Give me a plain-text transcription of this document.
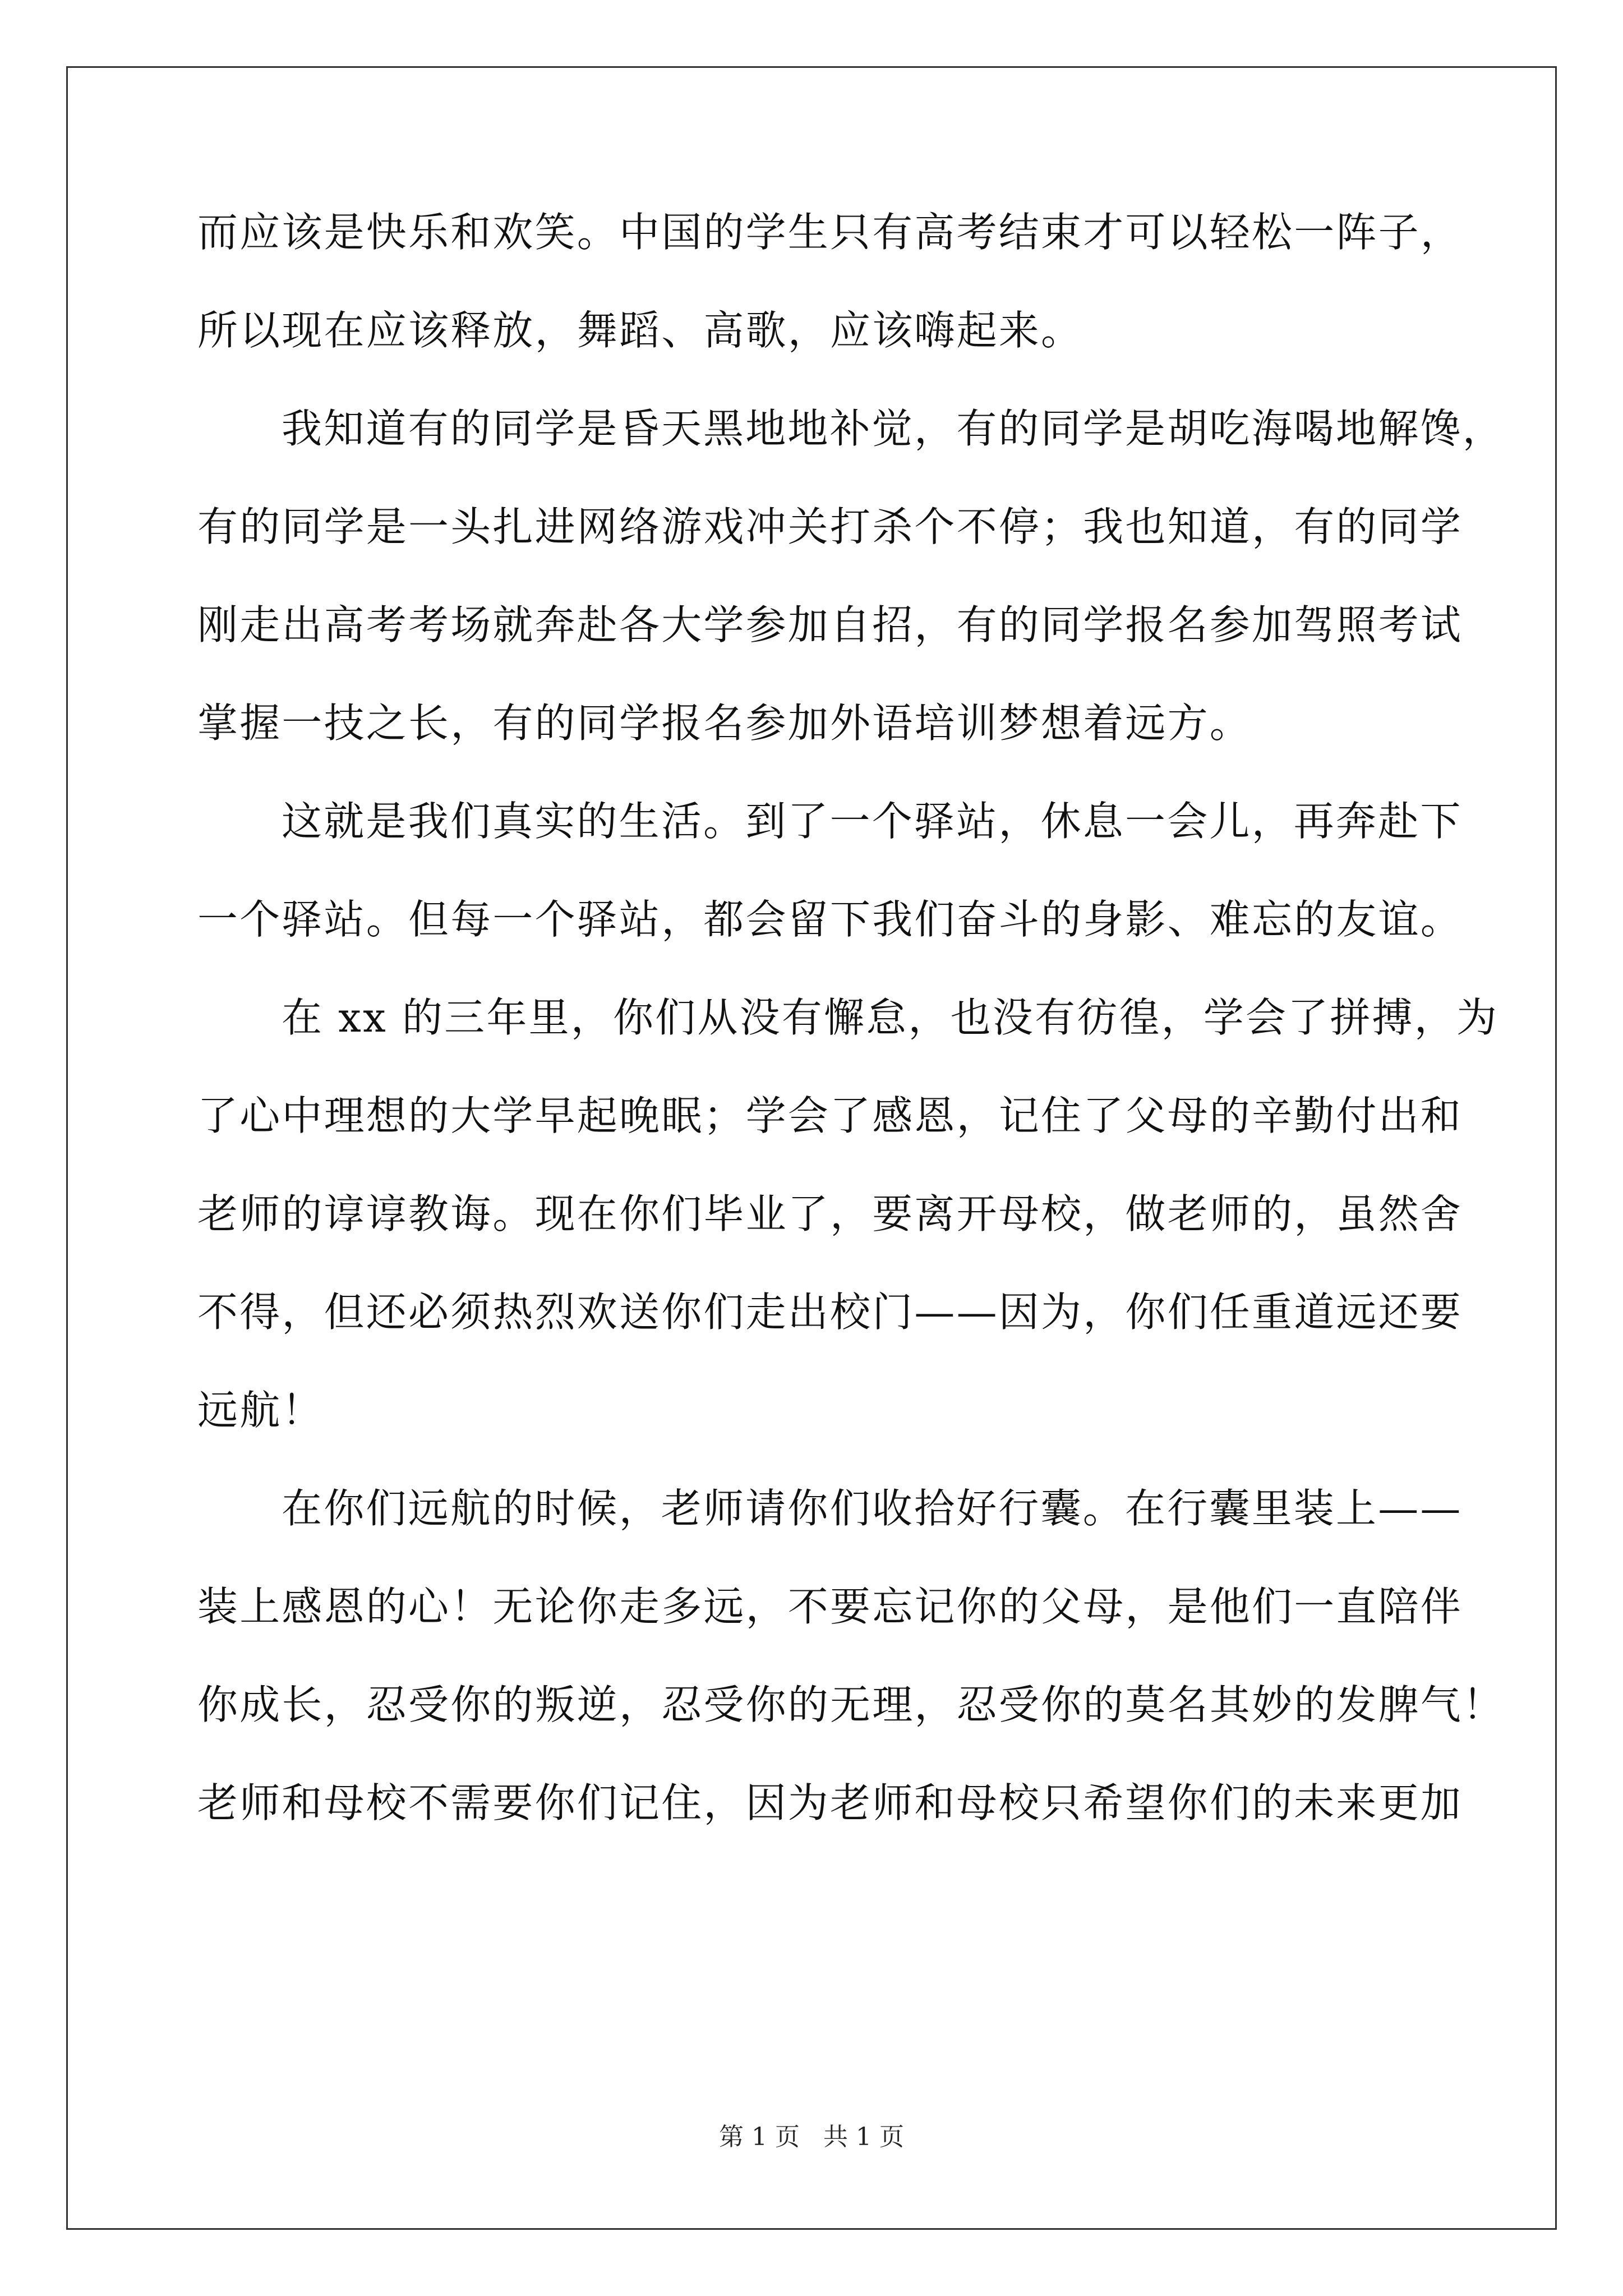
而应该是快乐和欢笑。中国的学生只有高考结束才可以轻松一阵子，
所以现在应该释放，舞蹈、高歌，应该嗨起来。
我知道有的同学是昏天黑地地补觉，有的同学是胡吃海喝地解馋，
有的同学是一头扎进网络游戏冲关打杀个不停；我也知道，有的同学
刚走出高考考场就奔赴各大学参加自招，有的同学报名参加驾照考试
掌握一技之长，有的同学报名参加外语培训梦想着远方。
这就是我们真实的生活。到了一个驿站，休息一会儿，再奔赴下
一个驿站。但每一个驿站，都会留下我们奋斗的身影、难忘的友谊。
在 xx 的三年里，你们从没有懈怠，也没有彷徨，学会了拼搏，为
了心中理想的大学早起晚眠；学会了感恩，记住了父母的辛勤付出和
老师的谆谆教诲。现在你们毕业了，要离开母校，做老师的，虽然舍
不得，但还必须热烈欢送你们走出校门——因为，你们任重道远还要
远航！
在你们远航的时候，老师请你们收拾好行囊。在行囊里装上——
装上感恩的心！无论你走多远，不要忘记你的父母，是他们一直陪伴
你成长，忍受你的叛逆，忍受你的无理，忍受你的莫名其妙的发脾气！
老师和母校不需要你们记住，因为老师和母校只希望你们的未来更加
第 1 页   共 1 页
